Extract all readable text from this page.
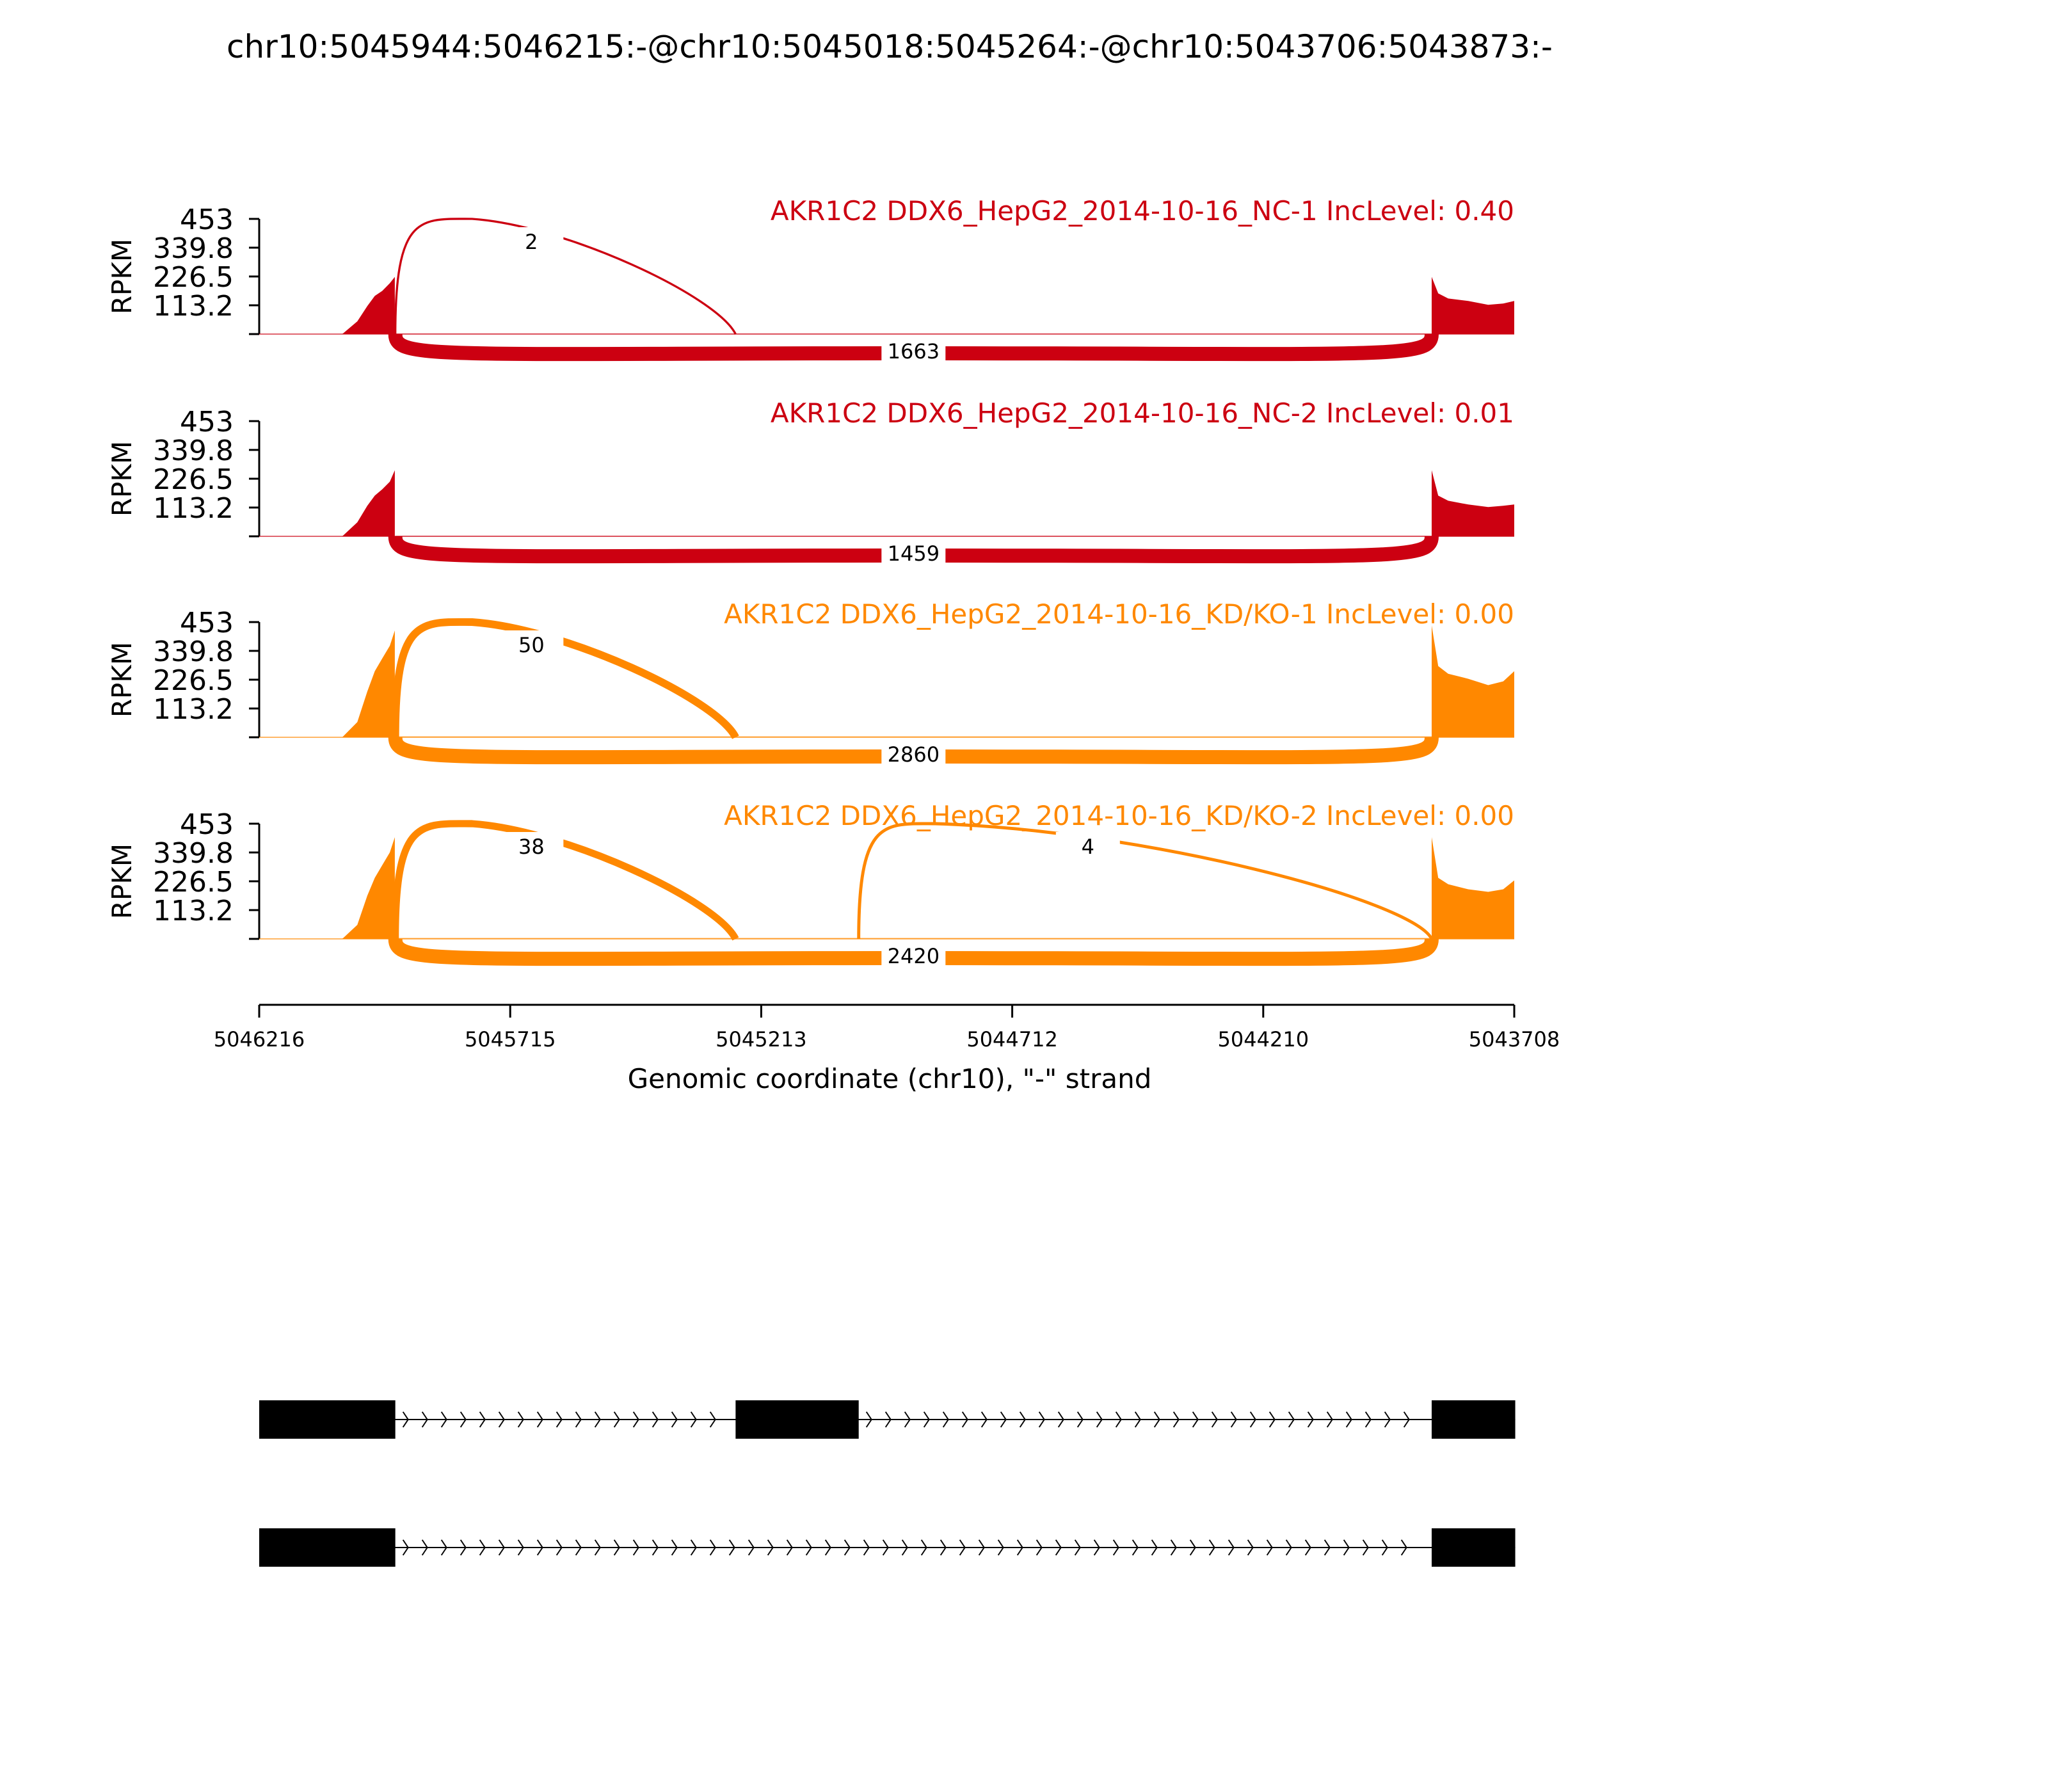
chr10:5045944:5046215:-@chr10:5045018:5045264:-@chr10:5043706:5043873:-
453
339.8
226.5
113.2
RPKM
AKR1C2 DDX6_HepG2_2014-10-16_NC-1 IncLevel: 0.40
1663
2
453
339.8
226.5
113.2
RPKM
AKR1C2 DDX6_HepG2_2014-10-16_NC-2 IncLevel: 0.01
1459
453
339.8
226.5
113.2
RPKM
AKR1C2 DDX6_HepG2_2014-10-16_KD/KO-1 IncLevel: 0.00
2860
50
453
339.8
226.5
113.2
RPKM
AKR1C2 DDX6_HepG2_2014-10-16_KD/KO-2 IncLevel: 0.00
2420
38	4
5046216	5045715	5045213	5044712	5044210	5043708
Genomic coordinate (chr10), "-" strand
